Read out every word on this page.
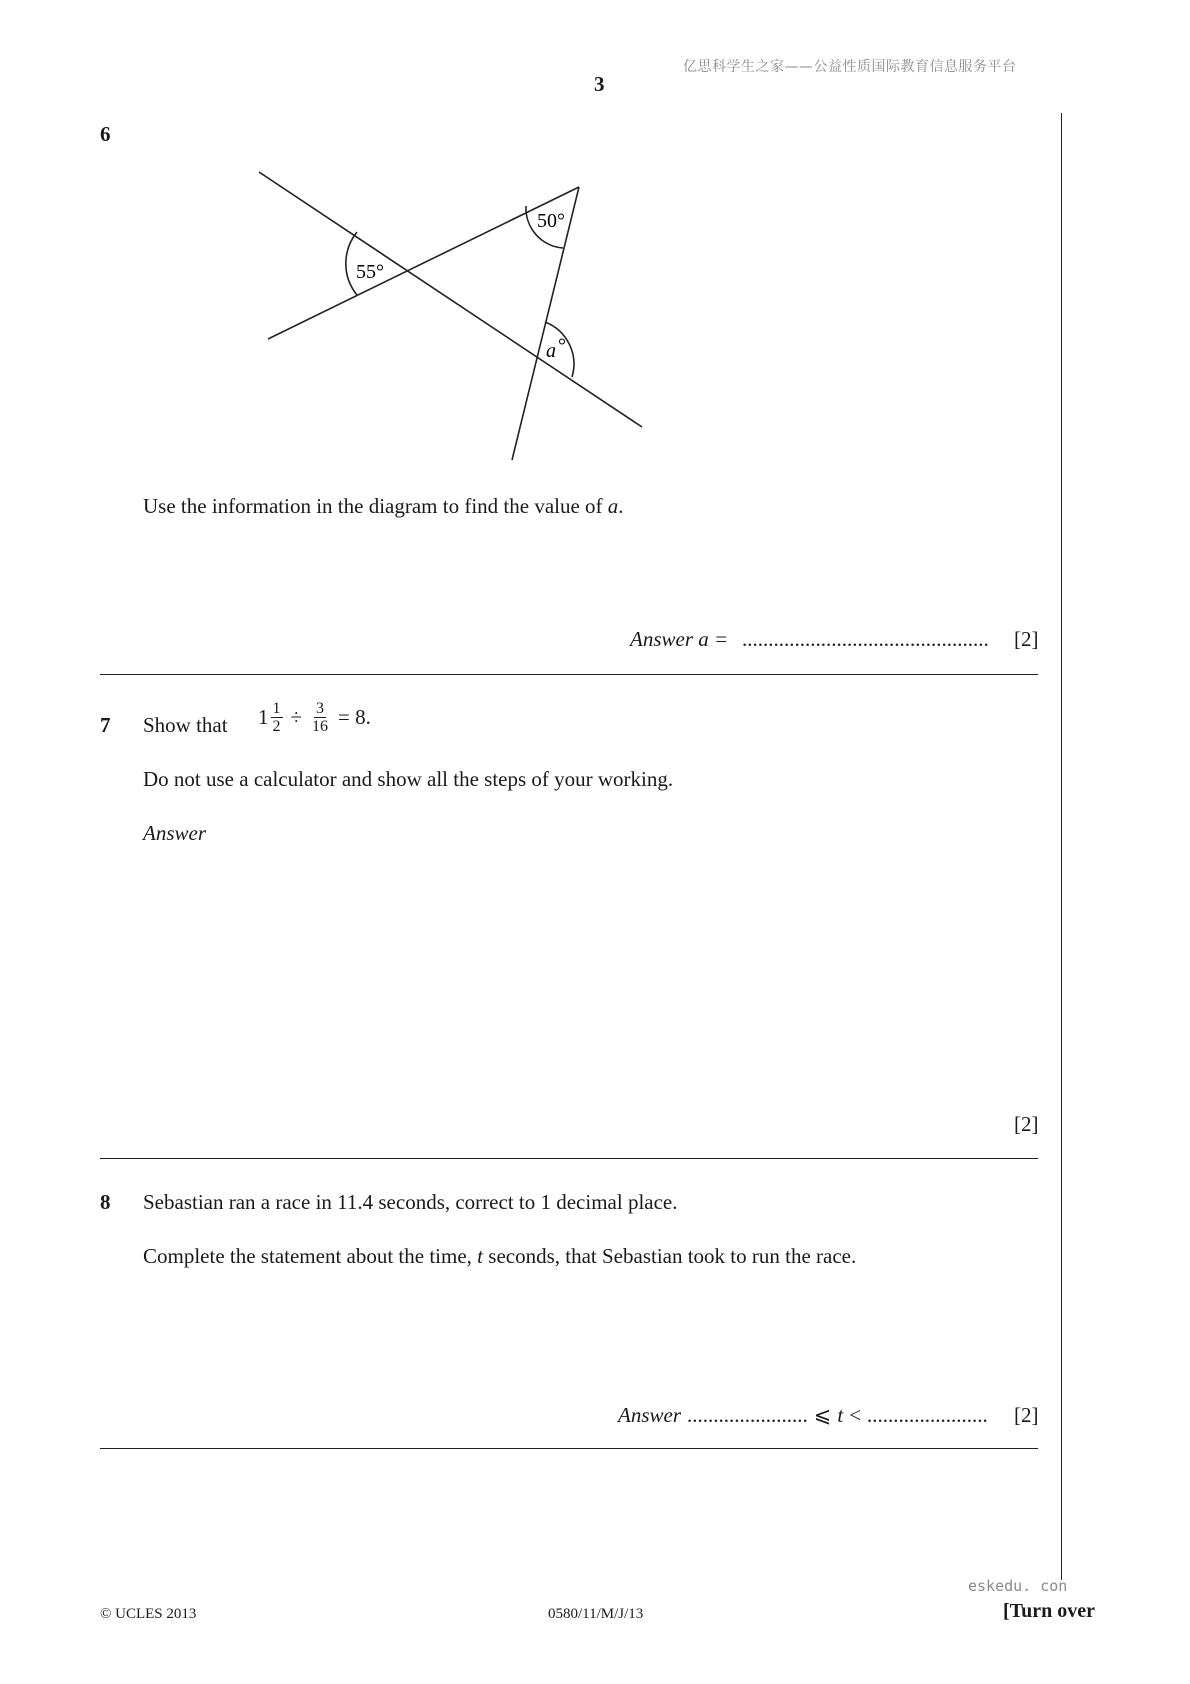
亿思科学生之家——公益性质国际教育信息服务平台
3
6
50°
55°
a °
Use the information in the diagram to find the value of a.
Answer a = ...............................................	[2]
7 Show that $1 \frac{1}{2} \div \frac{3}{16} = 8$.
Do not use a calculator and show all the steps of your working.
Answer
[2]
8 Sebastian ran a race in 11.4 seconds, correct to 1 decimal place.
Complete the statement about the time, t seconds, that Sebastian took to run the race.
Answer ....................... ⩽ t < ....................... [2]
eskedu. con
© UCLES 2013	0580/11/M/J/13	[Turn over
